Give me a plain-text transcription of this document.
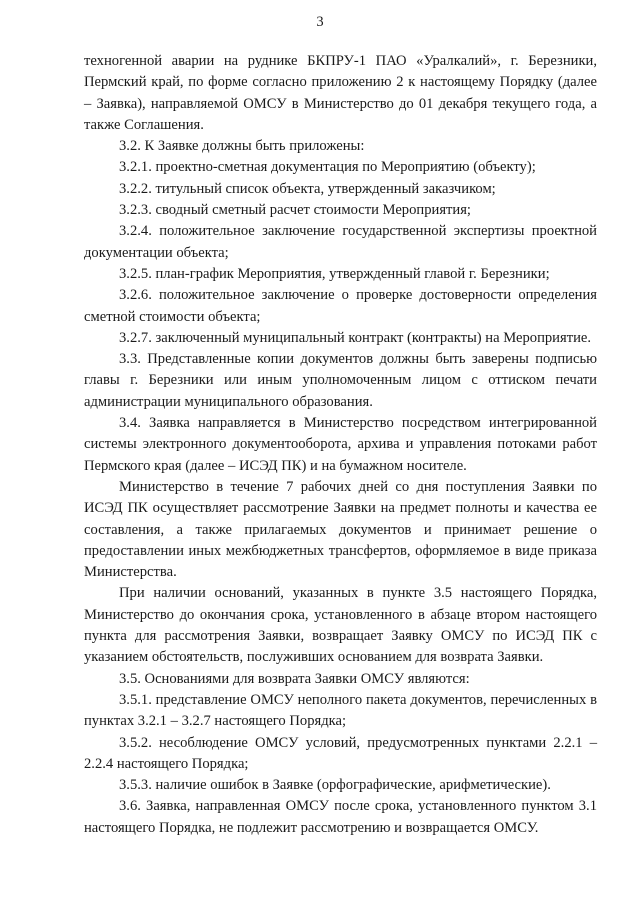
3

техногенной аварии на руднике БКПРУ-1 ПАО «Уралкалий», г. Березники, Пермский край, по форме согласно приложению 2 к настоящему Порядку (далее – Заявка), направляемой ОМСУ в Министерство до 01 декабря текущего года, а также Соглашения.

3.2. К Заявке должны быть приложены:

3.2.1. проектно-сметная документация по Мероприятию (объекту);

3.2.2. титульный список объекта, утвержденный заказчиком;

3.2.3. сводный сметный расчет стоимости Мероприятия;

3.2.4. положительное заключение государственной экспертизы проектной документации объекта;

3.2.5. план-график Мероприятия, утвержденный главой г. Березники;

3.2.6. положительное заключение о проверке достоверности определения сметной стоимости объекта;

3.2.7. заключенный муниципальный контракт (контракты) на Мероприятие.

3.3. Представленные копии документов должны быть заверены подписью главы г. Березники или иным уполномоченным лицом с оттиском печати администрации муниципального образования.

3.4. Заявка направляется в Министерство посредством интегрированной системы электронного документооборота, архива и управления потоками работ Пермского края (далее – ИСЭД ПК) и на бумажном носителе.

Министерство в течение 7 рабочих дней со дня поступления Заявки по ИСЭД ПК осуществляет рассмотрение Заявки на предмет полноты и качества ее составления, а также прилагаемых документов и принимает решение о предоставлении иных межбюджетных трансфертов, оформляемое в виде приказа Министерства.

При наличии оснований, указанных в пункте 3.5 настоящего Порядка, Министерство до окончания срока, установленного в абзаце втором настоящего пункта для рассмотрения Заявки, возвращает Заявку ОМСУ по ИСЭД ПК с указанием обстоятельств, послуживших основанием для возврата Заявки.

3.5. Основаниями для возврата Заявки ОМСУ являются:

3.5.1. представление ОМСУ неполного пакета документов, перечисленных в пунктах 3.2.1 – 3.2.7 настоящего Порядка;

3.5.2. несоблюдение ОМСУ условий, предусмотренных пунктами 2.2.1 – 2.2.4 настоящего Порядка;

3.5.3. наличие ошибок в Заявке (орфографические, арифметические).

3.6. Заявка, направленная ОМСУ после срока, установленного пунктом 3.1 настоящего Порядка, не подлежит рассмотрению и возвращается ОМСУ.
